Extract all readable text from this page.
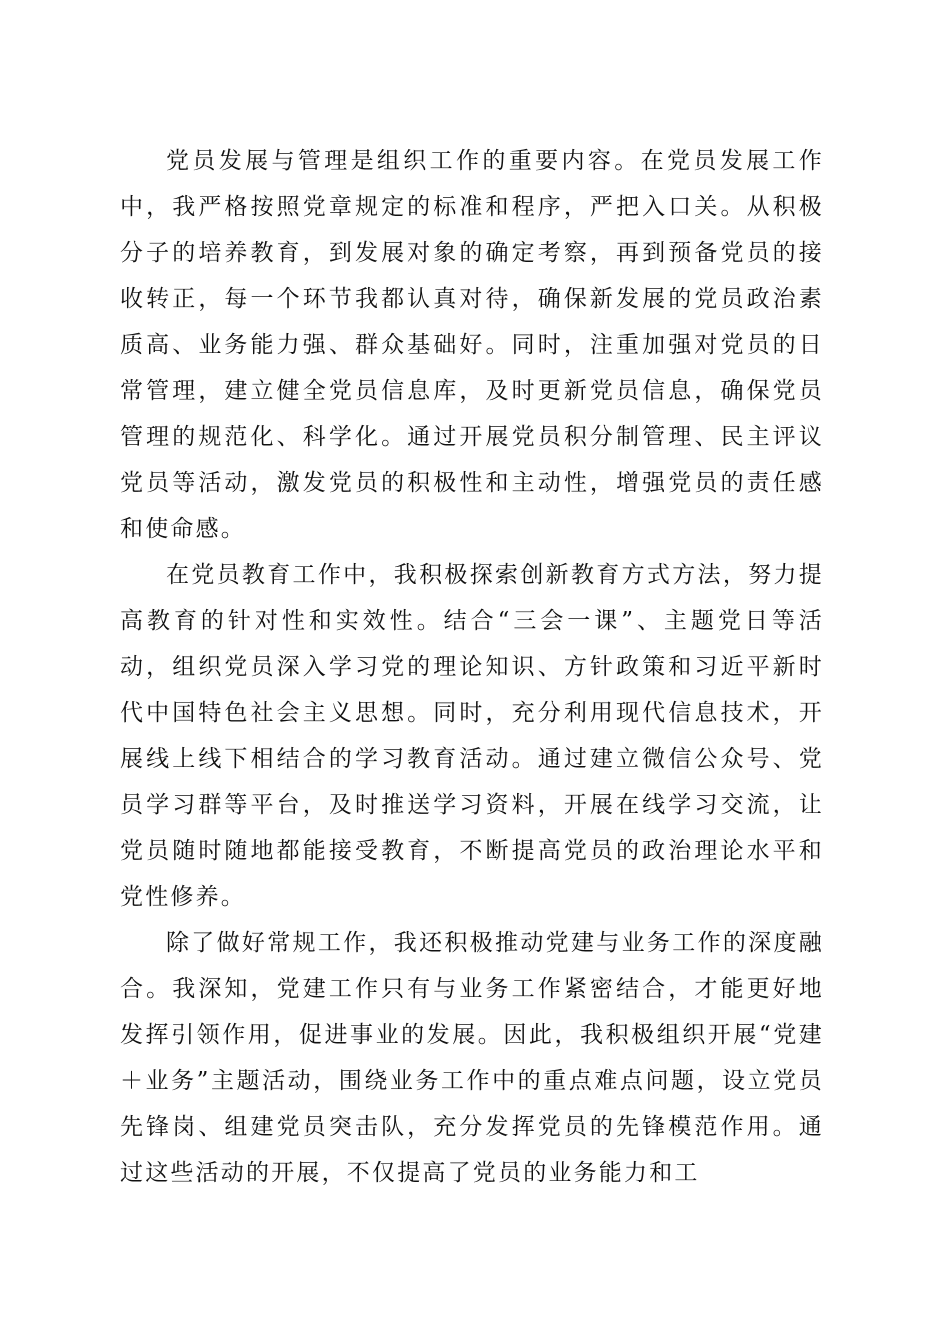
党员发展与管理是组织工作的重要内容。在党员发展工作中，我严格按照党章规定的标准和程序，严把入口关。从积极分子的培养教育，到发展对象的确定考察，再到预备党员的接收转正，每一个环节我都认真对待，确保新发展的党员政治素质高、业务能力强、群众基础好。同时，注重加强对党员的日常管理，建立健全党员信息库，及时更新党员信息，确保党员管理的规范化、科学化。通过开展党员积分制管理、民主评议党员等活动，激发党员的积极性和主动性，增强党员的责任感和使命感。

在党员教育工作中，我积极探索创新教育方式方法，努力提高教育的针对性和实效性。结合“三会一课”、主题党日等活动，组织党员深入学习党的理论知识、方针政策和习近平新时代中国特色社会主义思想。同时，充分利用现代信息技术，开展线上线下相结合的学习教育活动。通过建立微信公众号、党员学习群等平台，及时推送学习资料，开展在线学习交流，让党员随时随地都能接受教育，不断提高党员的政治理论水平和党性修养。

除了做好常规工作，我还积极推动党建与业务工作的深度融合。我深知，党建工作只有与业务工作紧密结合，才能更好地发挥引领作用，促进事业的发展。因此，我积极组织开展“党建＋业务”主题活动，围绕业务工作中的重点难点问题，设立党员先锋岗、组建党员突击队，充分发挥党员的先锋模范作用。通过这些活动的开展，不仅提高了党员的业务能力和工
